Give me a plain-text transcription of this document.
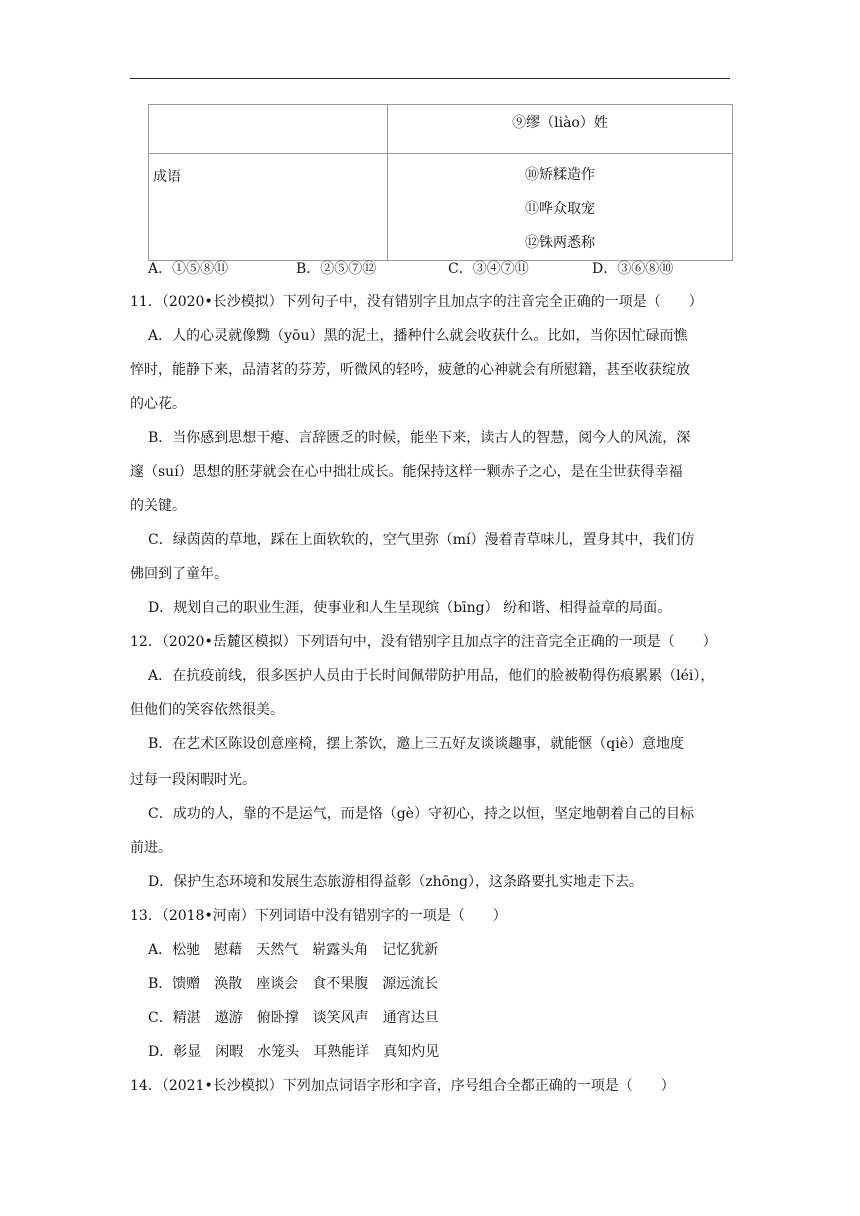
	⑨缪（liào）姓
成语	⑩矫糅造作
⑪哗众取宠
⑫铢两悉称
A．①⑤⑧⑪	B．②⑤⑦⑫	C．③④⑦⑪	D．③⑥⑧⑩
11．（2020•长沙模拟）下列句子中，没有错别字且加点字的注音完全正确的一项是（　　）
A．人的心灵就像黝（yōu）黑的泥土，播种什么就会收获什么。比如，当你因忙碌而憔
悴时，能静下来，品清茗的芬芳，听微风的轻吟，疲惫的心神就会有所慰籍，甚至收获绽放
的心花。
B．当你感到思想干瘪、言辞匮乏的时候，能坐下来，读古人的智慧，阅今人的风流，深
邃（suí）思想的胚芽就会在心中拙壮成长。能保持这样一颗赤子之心，是在尘世获得幸福
的关键。
C．绿茵茵的草地，踩在上面软软的，空气里弥（mí）漫着青草味儿，置身其中，我们仿
佛回到了童年。
D．规划自己的职业生涯，使事业和人生呈现缤（bīng） 纷和谐、相得益章的局面。
12．（2020•岳麓区模拟）下列语句中，没有错别字且加点字的注音完全正确的一项是（　　）
A．在抗疫前线，很多医护人员由于长时间佩带防护用品，他们的脸被勒得伤痕累累（léi），
但他们的笑容依然很美。
B．在艺术区陈设创意座椅，摆上茶饮，邀上三五好友谈谈趣事，就能惬（qiè）意地度
过每一段闲暇时光。
C．成功的人，靠的不是运气，而是恪（gè）守初心，持之以恒，坚定地朝着自己的目标
前进。
D．保护生态环境和发展生态旅游相得益彰（zhōng），这条路要扎实地走下去。
13．（2018•河南）下列词语中没有错别字的一项是（　　）
A．松驰　慰藉　天然气　崭露头角　记忆犹新
B．馈赠　涣散　座谈会　食不果腹　源远流长
C．精湛　遨游　俯卧撑　谈笑风声　通宵达旦
D．彰显　闲暇　水笼头　耳熟能详　真知灼见
14．（2021•长沙模拟）下列加点词语字形和字音，序号组合全都正确的一项是（　　）
